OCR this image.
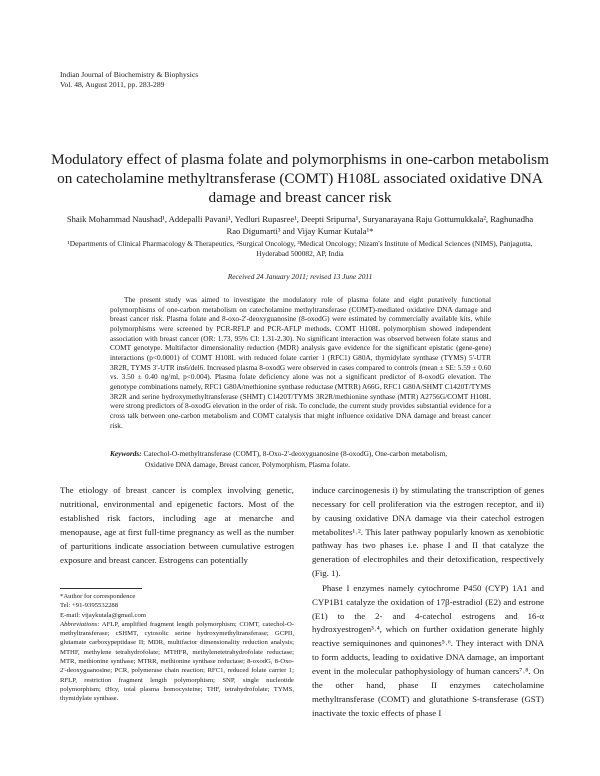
Indian Journal of Biochemistry & Biophysics
Vol. 48, August 2011, pp. 283-289
Modulatory effect of plasma folate and polymorphisms in one-carbon metabolism on catecholamine methyltransferase (COMT) H108L associated oxidative DNA damage and breast cancer risk
Shaik Mohammad Naushad¹, Addepalli Pavani¹, Yedluri Rupasree¹, Deepti Sripurna¹, Suryanarayana Raju Gottumukkala², Raghunadha Rao Digumarti³ and Vijay Kumar Kutala¹*
¹Departments of Clinical Pharmacology & Therapeutics, ²Surgical Oncology, ³Medical Oncology; Nizam's Institute of Medical Sciences (NIMS), Panjagutta, Hyderabad 500082, AP, India
Received 24 January 2011; revised 13 June 2011
The present study was aimed to investigate the modulatory role of plasma folate and eight putatively functional polymorphisms of one-carbon metabolism on catecholamine methyltransferase (COMT)-mediated oxidative DNA damage and breast cancer risk. Plasma folate and 8-oxo-2'-deoxyguanosine (8-oxodG) were estimated by commercially available kits, while polymorphisms were screened by PCR-RFLP and PCR-AFLP methods. COMT H108L polymorphism showed independent association with breast cancer (OR: 1.73, 95% CI: 1.31-2.30). No significant interaction was observed between folate status and COMT genotype. Multifactor dimensionality reduction (MDR) analysis gave evidence for the significant epistatic (gene-gene) interactions (p<0.0001) of COMT H108L with reduced folate carrier 1 (RFC1) G80A, thymidylate synthase (TYMS) 5'-UTR 3R2R, TYMS 3'-UTR ins6/del6. Increased plasma 8-oxodG were observed in cases compared to controls (mean ± SE: 5.59 ± 0.60 vs. 3.50 ± 0.40 ng/ml, p<0.004). Plasma folate deficiency alone was not a significant predictor of 8-oxodG elevation. The genotype combinations namely, RFC1 G80A/methionine synthase reductase (MTRR) A66G, RFC1 G80A/SHMT C1420T/TYMS 3R2R and serine hydroxymethyltransferase (SHMT) C1420T/TYMS 3R2R/methionine synthase (MTR) A2756G/COMT H108L were strong predictors of 8-oxodG elevation in the order of risk. To conclude, the current study provides substantial evidence for a cross talk between one-carbon metabolism and COMT catalysis that might influence oxidative DNA damage and breast cancer risk.
Keywords: Catechol-O-methyltransferase (COMT), 8-Oxo-2'-deoxyguanosine (8-oxodG), One-carbon metabolism,
Oxidative DNA damage, Breast cancer, Polymorphism, Plasma folate.
The etiology of breast cancer is complex involving genetic, nutritional, environmental and epigenetic factors. Most of the established risk factors, including age at menarche and menopause, age at first full-time pregnancy as well as the number of parturitions indicate association between cumulative estrogen exposure and breast cancer. Estrogens can potentially
*Author for correspondence
Tel: +91-9395532288
E-mail: vijaykutala@gmail.com
Abbreviations: AFLP, amplified fragment length polymorphism; COMT, catechol-O-methyltransferase; cSHMT, cytosolic serine hydroxymethyltransferase; GCPII, glutamate carboxypeptidase II; MDR, multifactor dimensionality reduction analysis; MTHF, methylene tetrahydrofolate; MTHFR, methylenetetrahydrofolate reductase; MTR, methionine synthase; MTRR, methionine synthase reductase; 8-oxodG, 8-Oxo-2'-deoxyguanosine; PCR, polymerase chain reaction; RFC1, reduced folate carrier 1; RFLP, restriction fragment length polymorphism; SNP, single nucleotide polymorphism; tHcy, total plasma homocysteine; THF, tetrahydrofolate; TYMS, thymidylate synthase.

induce carcinogenesis i) by stimulating the transcription of genes necessary for cell proliferation via the estrogen receptor, and ii) by causing oxidative DNA damage via their catechol estrogen metabolites¹˒². This later pathway popularly known as xenobiotic pathway has two phases i.e. phase I and II that catalyze the generation of electrophiles and their detoxification, respectively (Fig. 1).

Phase I enzymes namely cytochrome P450 (CYP) 1A1 and CYP1B1 catalyze the oxidation of 17β-estradiol (E2) and estrone (E1) to the 2- and 4-catechol estrogens and 16-α hydroxyestrogen³˒⁴, which on further oxidation generate highly reactive semiquinones and quinones⁵˒⁶. They interact with DNA to form adducts, leading to oxidative DNA damage, an important event in the molecular pathophysiology of human cancers⁷˒⁸. On the other hand, phase II enzymes catecholamine methyltransferase (COMT) and glutathione S-transferase (GST) inactivate the toxic effects of phase I
